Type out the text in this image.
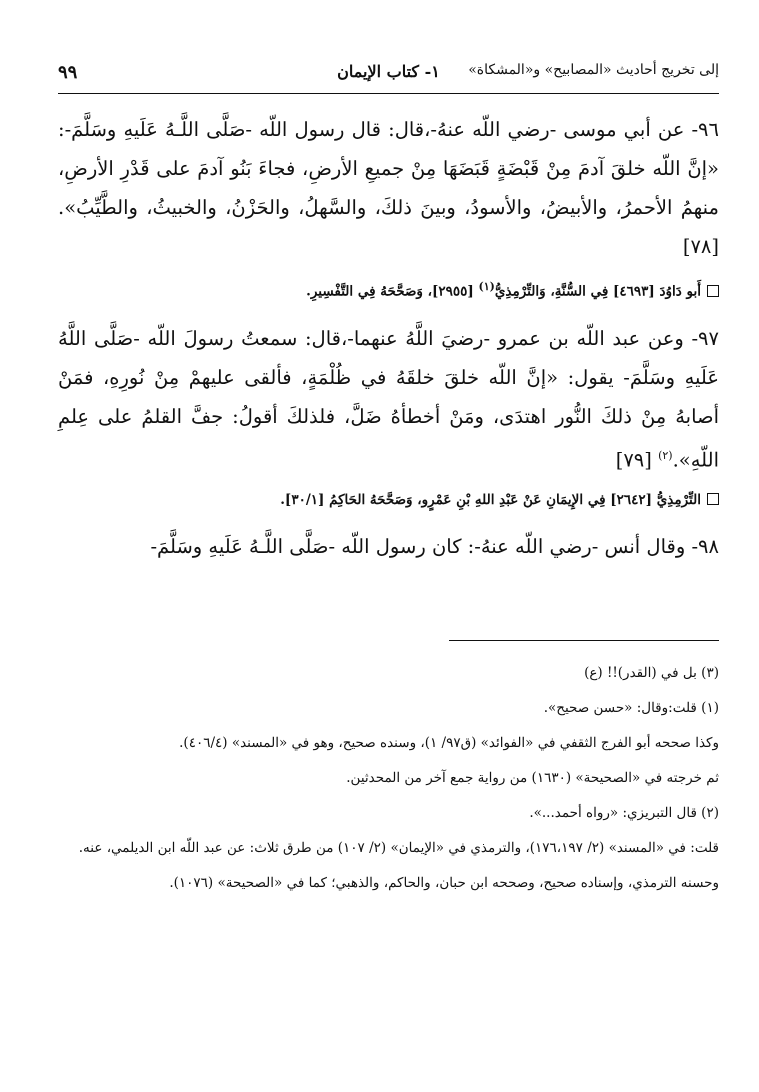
إلى تخريج أحاديث «المصابيح» و«المشكاة»
١- كتاب الإيمان
٩٩

٩٦- عن أبي موسى -رضي اللّه عنهُ-،قال: قال رسول اللّه -صَلَّى اللَّـهُ عَلَيهِ وسَلَّمَ-: «إنَّ اللّه خلقَ آدمَ مِنْ قَبْضَةٍ قَبَضَهَا مِنْ جميعِ الأرضِ، فجاءَ بَنُو آدمَ على قَدْرِ الأرضِ، منهمُ الأحمرُ، والأبيضُ، والأسودُ، وبينَ ذلكَ، والسَّهلُ، والحَزْنُ، والخبيثُ، والطَّيِّبُ».[٧٨]

أَبو دَاوُدَ [٤٦٩٣] فِي السُّنَّةِ، وَالتِّرْمِذِيُّ$^{(١)}$ [٢٩٥٥]، وَصَحَّحَهُ فِي التَّفْسِيرِ.

٩٧- وعن عبد اللّه بن عمرو -رضيَ اللَّهُ عنهما-،قال: سمعتُ رسولَ اللّه -صَلَّى اللَّهُ عَلَيهِ وسَلَّمَ- يقول: «إنَّ اللّه خلقَ خلقَهُ في ظُلْمَةٍ، فألقى عليهمْ مِنْ نُورِهِ، فمَنْ أصابهُ مِنْ ذلكَ النُّور اهتدَى، ومَنْ أخطأهُ ضَلَّ، فلذلكَ أقولُ: جفَّ القلمُ على عِلمِ اللّهِ».$^{(٢)}$ [٧٩]

التِّرْمِذِيُّ [٢٦٤٢] فِي الإِيمَانِ عَنْ عَبْدِ اللهِ بْنِ عَمْرٍو، وَصَحَّحَهُ الحَاكِمُ [٣٠/١].

٩٨- وقال أنس -رضي اللّه عنهُ-: كان رسول اللّه -صَلَّى اللَّـهُ عَلَيهِ وسَلَّمَ-

(٣) بل في (القدر)!! (ع)

(١) قلت:وقال: «حسن صحيح».

وكذا صححه أبو الفرج الثقفي في «الفوائد» (ق٩٧/ ١)، وسنده صحيح، وهو في «المسند» (٤٠٦/٤).

ثم خرجته في «الصحيحة» (١٦٣٠) من رواية جمع آخر من المحدثين.

(٢) قال التبريزي: «رواه أحمد...».

قلت: في «المسند» (٢/ ١٧٦،١٩٧)، والترمذي في «الإيمان» (٢/ ١٠٧) من طرق ثلاث: عن عبد اللّه ابن الديلمي، عنه.

وحسنه الترمذي، وإسناده صحيح، وصححه ابن حبان، والحاكم، والذهبي؛ كما في «الصحيحة» (١٠٧٦).
